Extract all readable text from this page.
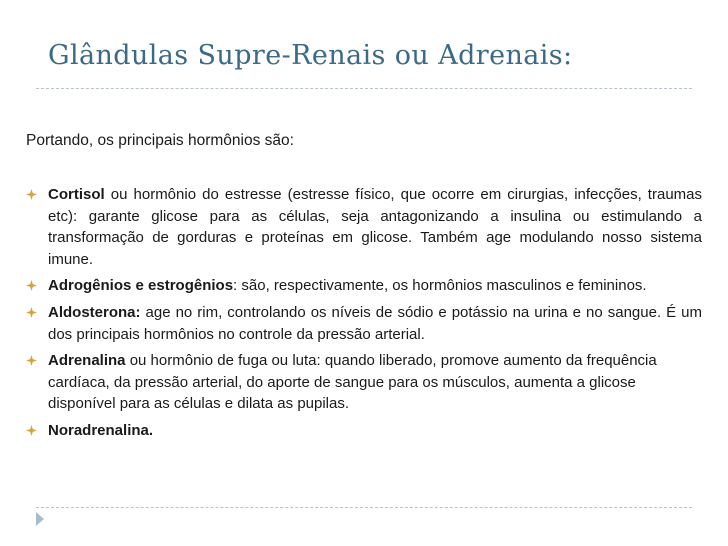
Glândulas Supre-Renais ou Adrenais:
Portando, os principais hormônios são:
Cortisol ou hormônio do estresse (estresse físico, que ocorre em cirurgias, infecções, traumas etc): garante glicose para as células, seja antagonizando a insulina ou estimulando a transformação de gorduras e proteínas em glicose. Também age modulando nosso sistema imune.
Adrogênios e estrogênios: são, respectivamente, os hormônios masculinos e femininos.
Aldosterona: age no rim, controlando os níveis de sódio e potássio na urina e no sangue. É um dos principais hormônios no controle da pressão arterial.
Adrenalina ou hormônio de fuga ou luta: quando liberado, promove aumento da frequência cardíaca, da pressão arterial, do aporte de sangue para os músculos, aumenta a glicose disponível para as células e dilata as pupilas.
Noradrenalina.
